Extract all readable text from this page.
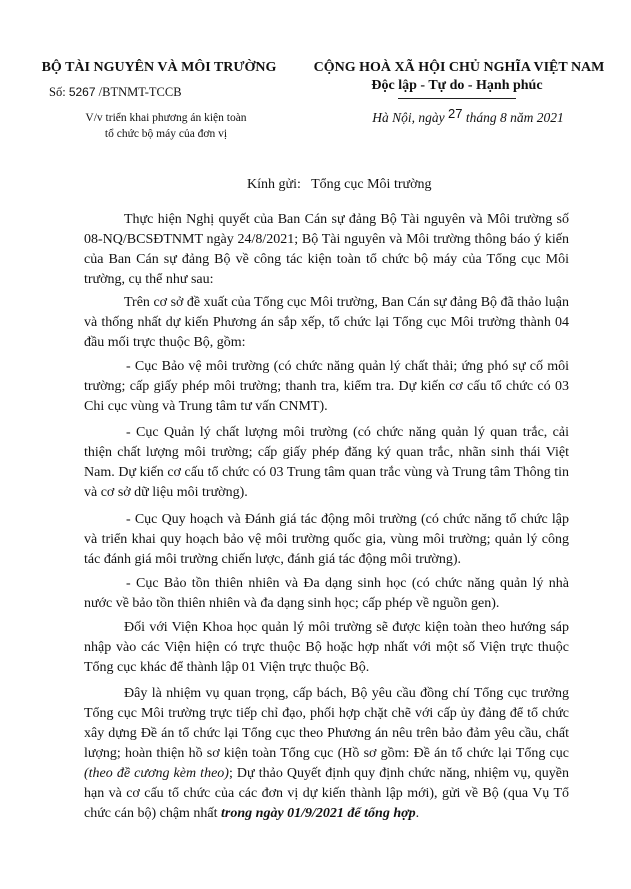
BỘ TÀI NGUYÊN VÀ MÔI TRƯỜNG
Số: 5267 /BTNMT-TCCB
V/v triển khai phương án kiện toàn
tổ chức bộ máy của đơn vị
CỘNG HOÀ XÃ HỘI CHỦ NGHĨA VIỆT NAM
Độc lập - Tự do - Hạnh phúc
Hà Nội, ngày 27 tháng 8 năm 2021
Kính gửi: Tổng cục Môi trường

Thực hiện Nghị quyết của Ban Cán sự đảng Bộ Tài nguyên và Môi trường số 08-NQ/BCSĐTNMT ngày 24/8/2021; Bộ Tài nguyên và Môi trường thông báo ý kiến của Ban Cán sự đảng Bộ về công tác kiện toàn tổ chức bộ máy của Tổng cục Môi trường, cụ thể như sau:

Trên cơ sở đề xuất của Tổng cục Môi trường, Ban Cán sự đảng Bộ đã thảo luận và thống nhất dự kiến Phương án sắp xếp, tổ chức lại Tổng cục Môi trường thành 04 đầu mối trực thuộc Bộ, gồm:

- Cục Bảo vệ môi trường (có chức năng quản lý chất thải; ứng phó sự cố môi trường; cấp giấy phép môi trường; thanh tra, kiểm tra. Dự kiến cơ cấu tổ chức có 03 Chi cục vùng và Trung tâm tư vấn CNMT).

- Cục Quản lý chất lượng môi trường (có chức năng quản lý quan trắc, cải thiện chất lượng môi trường; cấp giấy phép đăng ký quan trắc, nhãn sinh thái Việt Nam. Dự kiến cơ cấu tổ chức có 03 Trung tâm quan trắc vùng và Trung tâm Thông tin và cơ sở dữ liệu môi trường).

- Cục Quy hoạch và Đánh giá tác động môi trường (có chức năng tổ chức lập và triển khai quy hoạch bảo vệ môi trường quốc gia, vùng môi trường; quản lý công tác đánh giá môi trường chiến lược, đánh giá tác động môi trường).

- Cục Bảo tồn thiên nhiên và Đa dạng sinh học (có chức năng quản lý nhà nước về bảo tồn thiên nhiên và đa dạng sinh học; cấp phép về nguồn gen).

Đối với Viện Khoa học quản lý môi trường sẽ được kiện toàn theo hướng sáp nhập vào các Viện hiện có trực thuộc Bộ hoặc hợp nhất với một số Viện trực thuộc Tổng cục khác để thành lập 01 Viện trực thuộc Bộ.

Đây là nhiệm vụ quan trọng, cấp bách, Bộ yêu cầu đồng chí Tổng cục trưởng Tổng cục Môi trường trực tiếp chỉ đạo, phối hợp chặt chẽ với cấp ủy đảng để tổ chức xây dựng Đề án tổ chức lại Tổng cục theo Phương án nêu trên bảo đảm yêu cầu, chất lượng; hoàn thiện hồ sơ kiện toàn Tổng cục (Hồ sơ gồm: Đề án tổ chức lại Tổng cục (theo đề cương kèm theo); Dự thảo Quyết định quy định chức năng, nhiệm vụ, quyền hạn và cơ cấu tổ chức của các đơn vị dự kiến thành lập mới), gửi về Bộ (qua Vụ Tổ chức cán bộ) chậm nhất trong ngày 01/9/2021 để tổng hợp.
